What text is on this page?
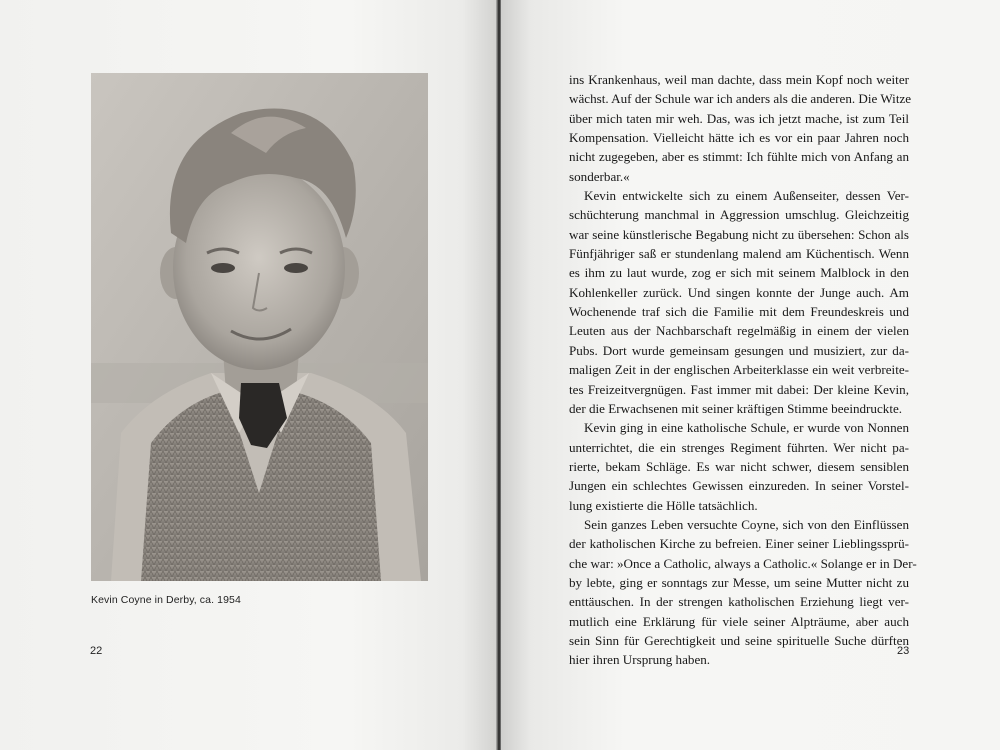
Kevin Coyne in Derby, ca. 1954
22	23

ins Krankenhaus, weil man dachte, dass mein Kopf noch weiter
wächst. Auf der Schule war ich anders als die anderen. Die Witze
über mich taten mir weh. Das, was ich jetzt mache, ist zum Teil
Kompensation. Vielleicht hätte ich es vor ein paar Jahren noch
nicht zugegeben, aber es stimmt: Ich fühlte mich von Anfang an
sonderbar.«

Kevin entwickelte sich zu einem Außenseiter, dessen Ver-
schüchterung manchmal in Aggression umschlug. Gleichzeitig
war seine künstlerische Begabung nicht zu übersehen: Schon als
Fünfjähriger saß er stundenlang malend am Küchentisch. Wenn
es ihm zu laut wurde, zog er sich mit seinem Malblock in den
Kohlenkeller zurück. Und singen konnte der Junge auch. Am
Wochenende traf sich die Familie mit dem Freundeskreis und
Leuten aus der Nachbarschaft regelmäßig in einem der vielen
Pubs. Dort wurde gemeinsam gesungen und musiziert, zur da-
maligen Zeit in der englischen Arbeiterklasse ein weit verbreite-
tes Freizeitvergnügen. Fast immer mit dabei: Der kleine Kevin,
der die Erwachsenen mit seiner kräftigen Stimme beeindruckte.

Kevin ging in eine katholische Schule, er wurde von Nonnen
unterrichtet, die ein strenges Regiment führten. Wer nicht pa-
rierte, bekam Schläge. Es war nicht schwer, diesem sensiblen
Jungen ein schlechtes Gewissen einzureden. In seiner Vorstel-
lung existierte die Hölle tatsächlich.

Sein ganzes Leben versuchte Coyne, sich von den Einflüssen
der katholischen Kirche zu befreien. Einer seiner Lieblingssprü-
che war: »Once a Catholic, always a Catholic.« Solange er in Der-
by lebte, ging er sonntags zur Messe, um seine Mutter nicht zu
enttäuschen. In der strengen katholischen Erziehung liegt ver-
mutlich eine Erklärung für viele seiner Alpträume, aber auch
sein Sinn für Gerechtigkeit und seine spirituelle Suche dürften
hier ihren Ursprung haben.
